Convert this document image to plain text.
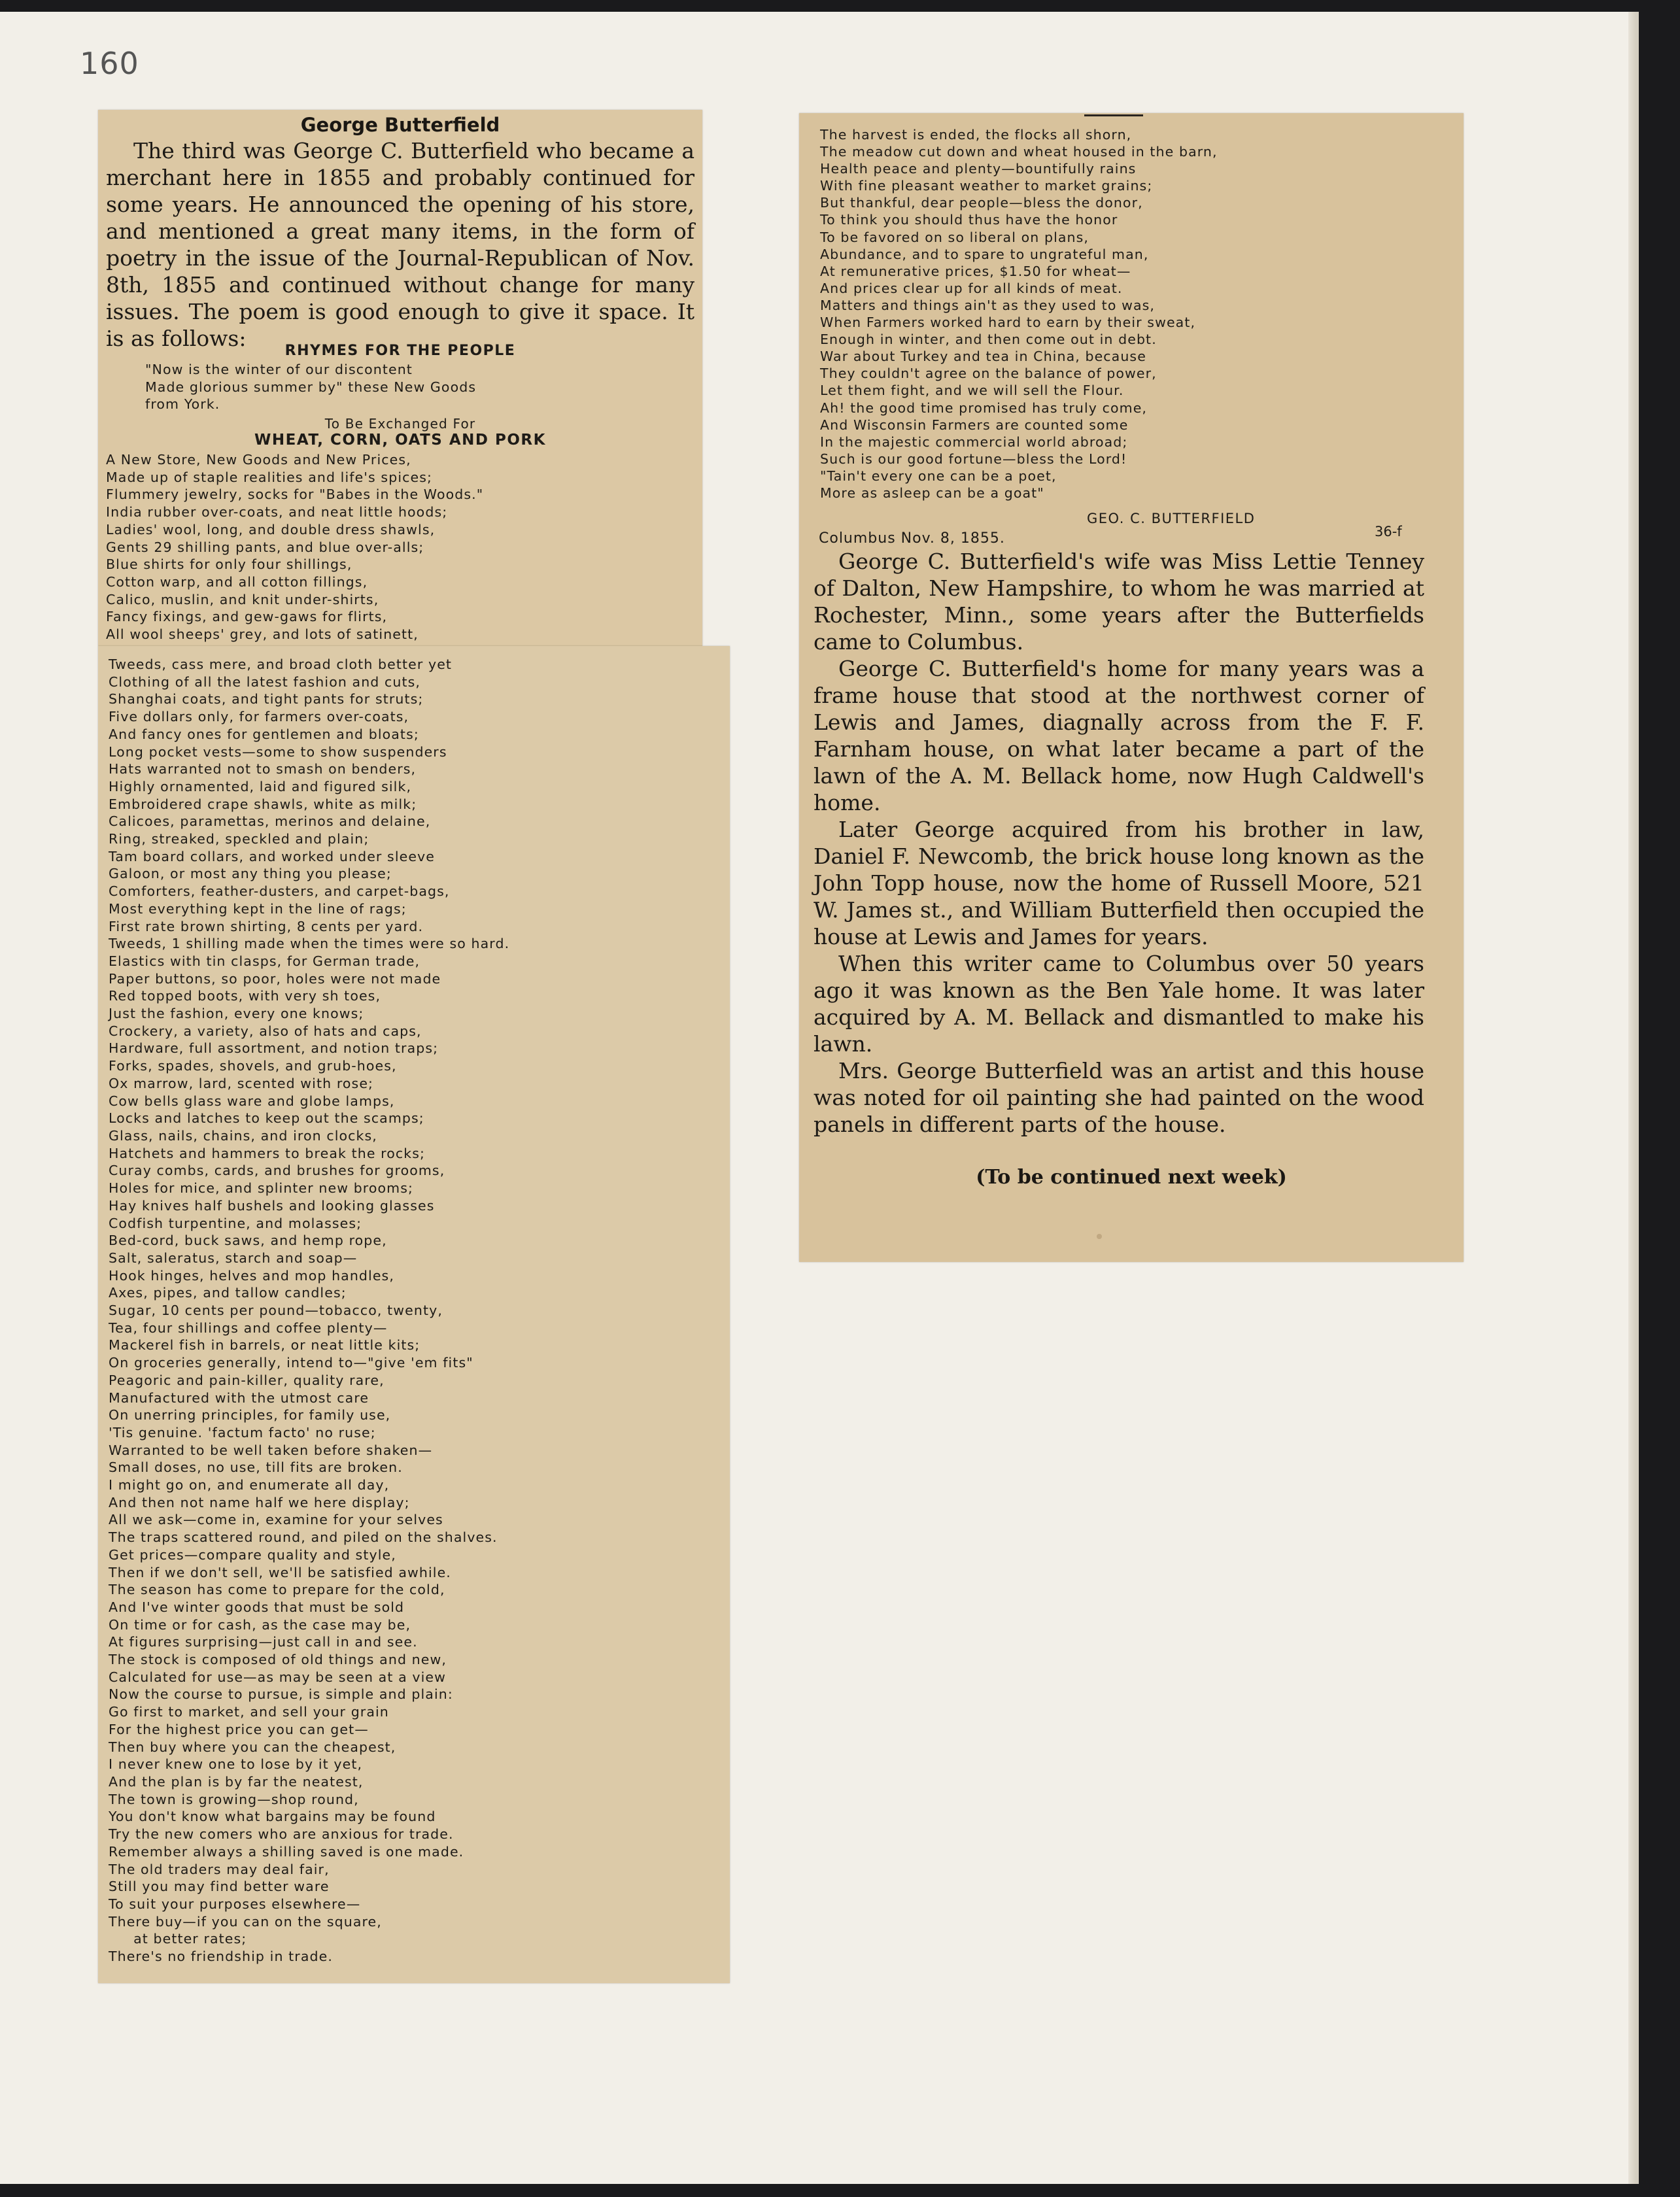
160
George Butterfield
The third was George C. Butterfield who became a merchant here in 1855 and probably continued for some years. He announced the opening of his store, and mentioned a great many items, in the form of poetry in the issue of the Journal-Republican of Nov. 8th, 1855 and continued without change for many issues. The poem is good enough to give it space. It is as follows:	RHYMES FOR THE PEOPLE
"Now is the winter of our discontent
Made glorious summer by" these New Goods
from York.
To Be Exchanged For
WHEAT, CORN, OATS AND PORK
A New Store, New Goods and New Prices,
Made up of staple realities and life's spices;
Flummery jewelry, socks for "Babes in the Woods."
India rubber over-coats, and neat little hoods;
Ladies' wool, long, and double dress shawls,
Gents 29 shilling pants, and blue over-alls;
Blue shirts for only four shillings,
Cotton warp, and all cotton fillings,
Calico, muslin, and knit under-shirts,
Fancy fixings, and gew-gaws for flirts,
All wool sheeps' grey, and lots of satinett,
Tweeds, cass mere, and broad cloth better yet
Clothing of all the latest fashion and cuts,
Shanghai coats, and tight pants for struts;
Five dollars only, for farmers over-coats,
And fancy ones for gentlemen and bloats;
Long pocket vests—some to show suspenders
Hats warranted not to smash on benders,
Highly ornamented, laid and figured silk,
Embroidered crape shawls, white as milk;
Calicoes, paramettas, merinos and delaine,
Ring, streaked, speckled and plain;
Tam board collars, and worked under sleeve
Galoon, or most any thing you please;
Comforters, feather-dusters, and carpet-bags,
Most everything kept in the line of rags;
First rate brown shirting, 8 cents per yard.
Tweeds, 1 shilling made when the times were so hard.
Elastics with tin clasps, for German trade,
Paper buttons, so poor, holes were not made
Red topped boots, with very sh toes,
Just the fashion, every one knows;
Crockery, a variety, also of hats and caps,
Hardware, full assortment, and notion traps;
Forks, spades, shovels, and grub-hoes,
Ox marrow, lard, scented with rose;
Cow bells glass ware and globe lamps,
Locks and latches to keep out the scamps;
Glass, nails, chains, and iron clocks,
Hatchets and hammers to break the rocks;
Curay combs, cards, and brushes for grooms,
Holes for mice, and splinter new brooms;
Hay knives half bushels and looking glasses
Codfish turpentine, and molasses;
Bed-cord, buck saws, and hemp rope,
Salt, saleratus, starch and soap—
Hook hinges, helves and mop handles,
Axes, pipes, and tallow candles;
Sugar, 10 cents per pound—tobacco, twenty,
Tea, four shillings and coffee plenty—
Mackerel fish in barrels, or neat little kits;
On groceries generally, intend to—"give 'em fits"
Peagoric and pain-killer, quality rare,
Manufactured with the utmost care
On unerring principles, for family use,
'Tis genuine. 'factum facto' no ruse;
Warranted to be well taken before shaken—
Small doses, no use, till fits are broken.
I might go on, and enumerate all day,
And then not name half we here display;
All we ask—come in, examine for your selves
The traps scattered round, and piled on the shalves.
Get prices—compare quality and style,
Then if we don't sell, we'll be satisfied awhile.
The season has come to prepare for the cold,
And I've winter goods that must be sold
On time or for cash, as the case may be,
At figures surprising—just call in and see.
The stock is composed of old things and new,
Calculated for use—as may be seen at a view
Now the course to pursue, is simple and plain:
Go first to market, and sell your grain
For the highest price you can get—
Then buy where you can the cheapest,
I never knew one to lose by it yet,
And the plan is by far the neatest,
The town is growing—shop round,
You don't know what bargains may be found
Try the new comers who are anxious for trade.
Remember always a shilling saved is one made.
The old traders may deal fair,
Still you may find better ware
To suit your purposes elsewhere—
There buy—if you can on the square,
at better rates;
There's no friendship in trade.
The harvest is ended, the flocks all shorn,
The meadow cut down and wheat housed in the barn,
Health peace and plenty—bountifully rains
With fine pleasant weather to market grains;
But thankful, dear people—bless the donor,
To think you should thus have the honor
To be favored on so liberal on plans,
Abundance, and to spare to ungrateful man,
At remunerative prices, $1.50 for wheat—
And prices clear up for all kinds of meat.
Matters and things ain't as they used to was,
When Farmers worked hard to earn by their sweat,
Enough in winter, and then come out in debt.
War about Turkey and tea in China, because
They couldn't agree on the balance of power,
Let them fight, and we will sell the Flour.
Ah! the good time promised has truly come,
And Wisconsin Farmers are counted some
In the majestic commercial world abroad;
Such is our good fortune—bless the Lord!
"Tain't every one can be a poet,
More as asleep can be a goat"
GEO. C. BUTTERFIELD
36-f
Columbus Nov. 8, 1855.

George C. Butterfield's wife was Miss Lettie Tenney of Dalton, New Hampshire, to whom he was married at Rochester, Minn., some years after the Butterfields came to Columbus.

George C. Butterfield's home for many years was a frame house that stood at the northwest corner of Lewis and James, diagnally across from the F. F. Farnham house, on what later became a part of the lawn of the A. M. Bellack home, now Hugh Caldwell's home.

Later George acquired from his brother in law, Daniel F. Newcomb, the brick house long known as the John Topp house, now the home of Russell Moore, 521 W. James st., and William Butterfield then occupied the house at Lewis and James for years.

When this writer came to Columbus over 50 years ago it was known as the Ben Yale home. It was later acquired by A. M. Bellack and dismantled to make his lawn.

Mrs. George Butterfield was an artist and this house was noted for oil painting she had painted on the wood panels in different parts of the house.

(To be continued next week)
